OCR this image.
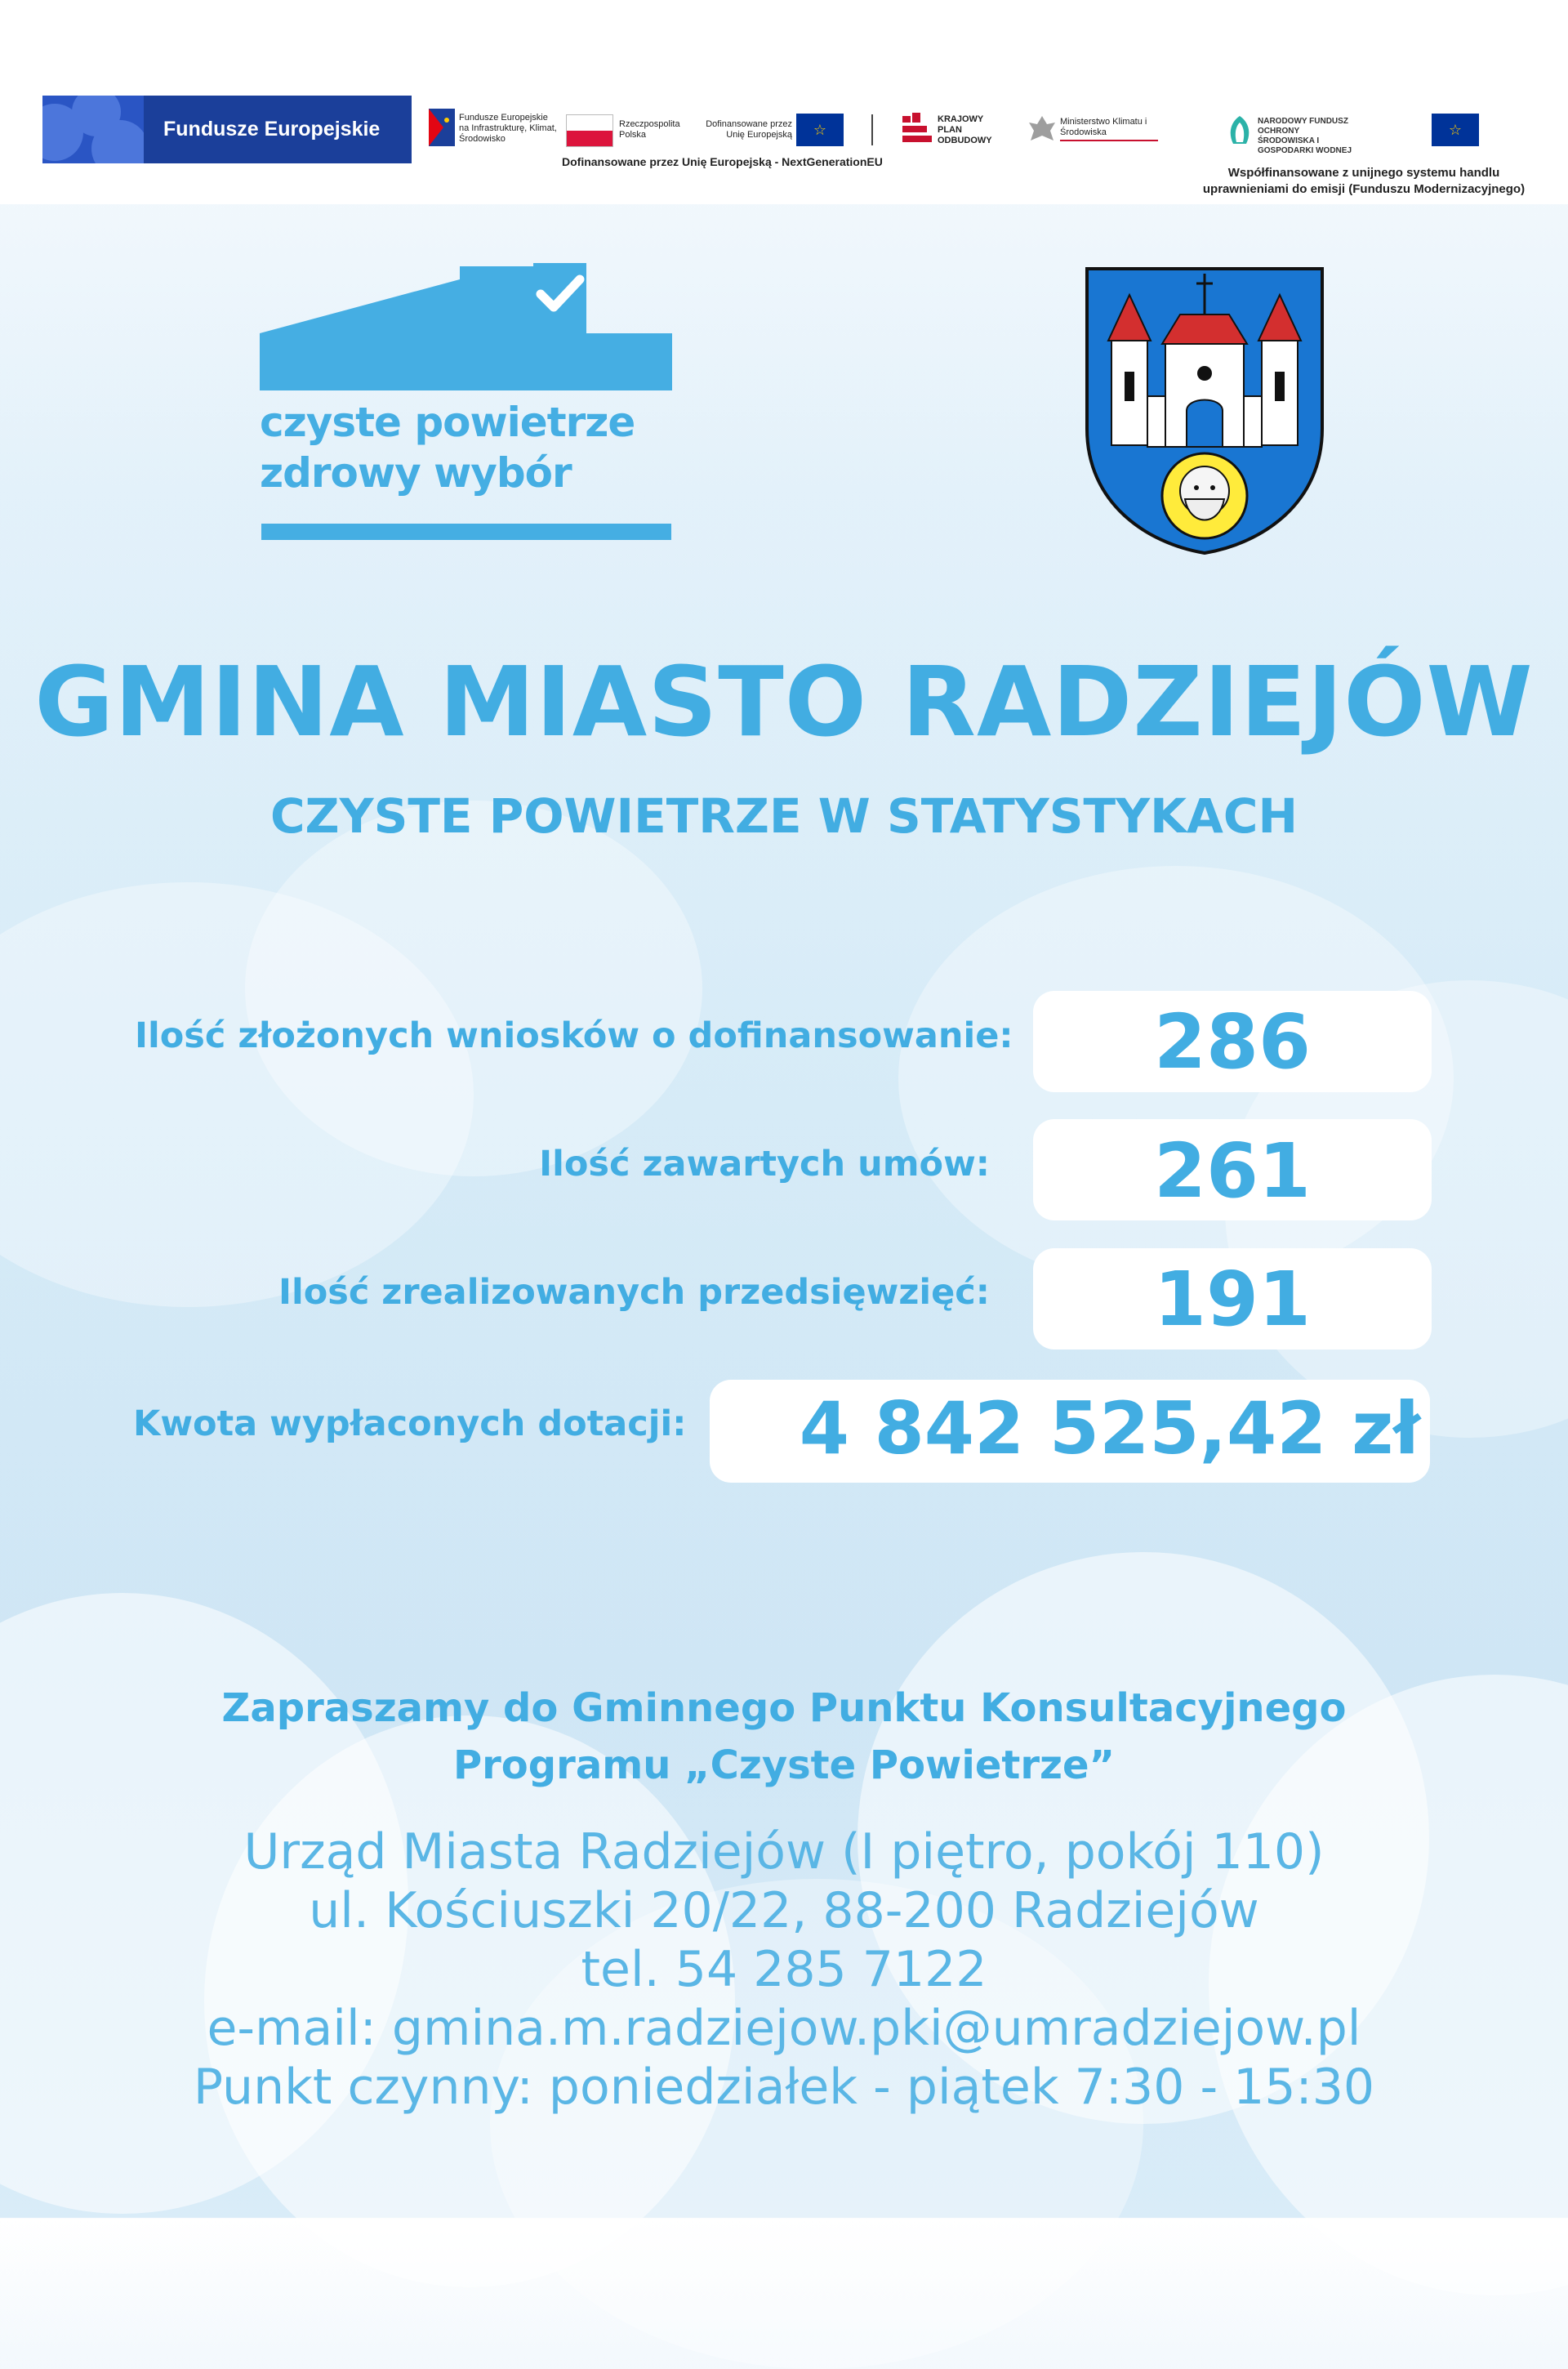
Fundusze Europejskie	Fundusze Europejskie na Infrastrukturę, Klimat, Środowisko
Rzeczpospolita Polska
Dofinansowane przez Unię Europejską	☆
KRAJOWY PLAN ODBUDOWY
Ministerstwo Klimatu i Środowiska
NARODOWY FUNDUSZ OCHRONY ŚRODOWISKA I GOSPODARKI WODNEJ
☆
Dofinansowane przez Unię Europejską - NextGenerationEU
Współfinansowane z unijnego systemu handlu
uprawnieniami do emisji (Funduszu Modernizacyjnego)
czyste powietrze
zdrowy wybór
GMINA MIASTO RADZIEJÓW
CZYSTE POWIETRZE W STATYSTYKACH
Ilość złożonych wniosków o dofinansowanie:	286
Ilość zawartych umów:	261
Ilość zrealizowanych przedsięwzięć:	191
Kwota wypłaconych dotacji:	4 842 525,42 zł
Zapraszamy do Gminnego Punktu Konsultacyjnego
Programu „Czyste Powietrze”
Urząd Miasta Radziejów (I piętro, pokój 110)
ul. Kościuszki 20/22, 88-200 Radziejów
tel. 54 285 7122
e-mail: gmina.m.radziejow.pki@umradziejow.pl
Punkt czynny: poniedziałek - piątek 7:30 - 15:30
